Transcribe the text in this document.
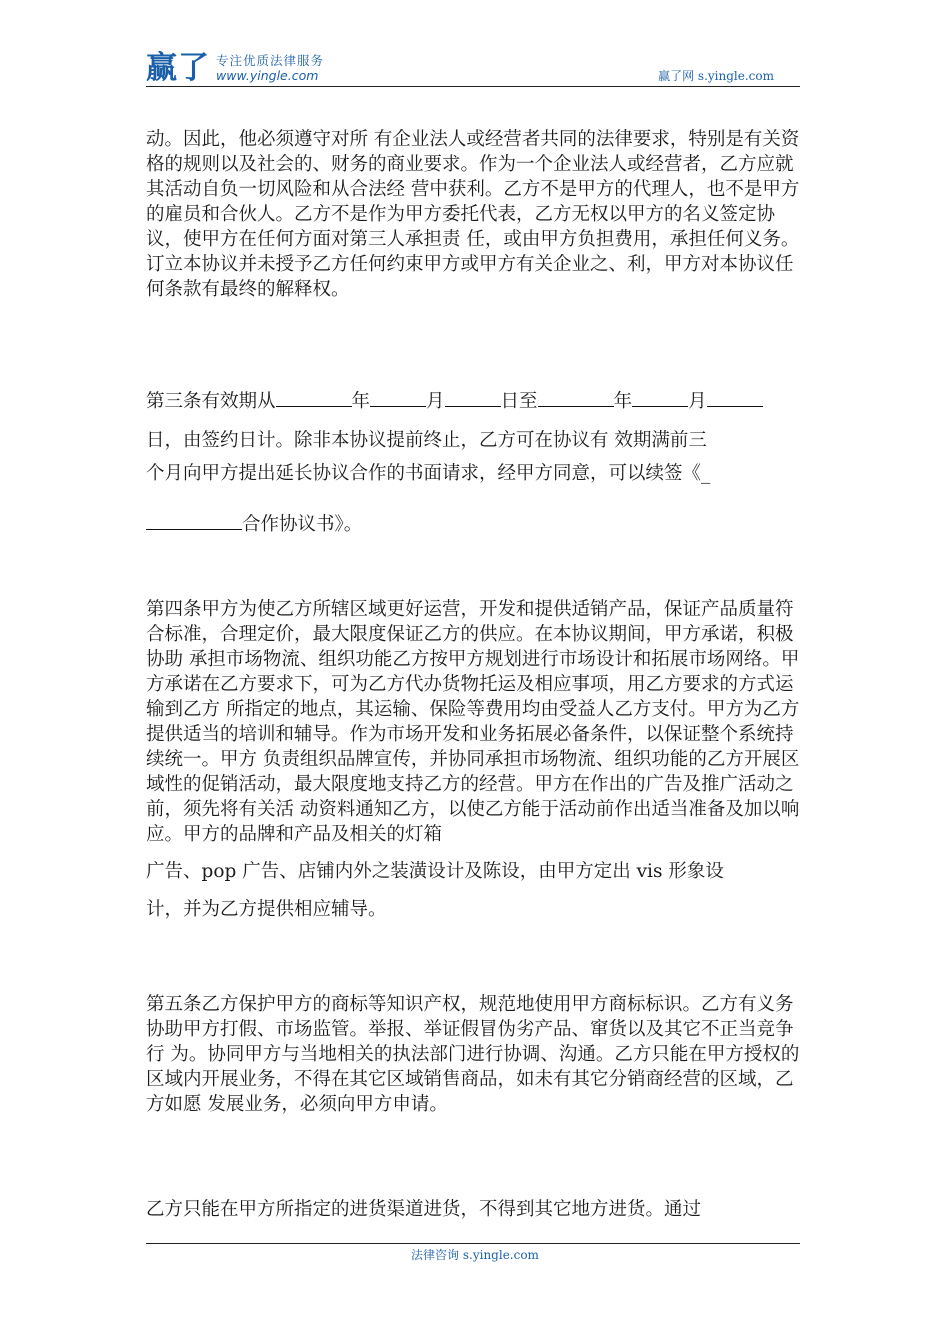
赢了 专注优质法律服务
www.yingle.com	赢了网 s.yingle.com
动。因此，他必须遵守对所 有企业法人或经营者共同的法律要求，特别是有关资格的规则以及社会的、财务的商业要求。作为一个企业法人或经营者，乙方应就其活动自负一切风险和从合法经 营中获利。乙方不是甲方的代理人，也不是甲方的雇员和合伙人。乙方不是作为甲方委托代表，乙方无权以甲方的名义签定协议，使甲方在任何方面对第三人承担责 任，或由甲方负担费用，承担任何义务。订立本协议并未授予乙方任何约束甲方或甲方有关企业之、利，甲方对本协议任何条款有最终的解释权。
第三条有效期从	年	月	日至	年	月
日，由签约日计。除非本协议提前终止，乙方可在协议有 效期满前三
个月向甲方提出延长协议合作的书面请求，经甲方同意，可以续签《_
合作协议书》。
第四条甲方为使乙方所辖区域更好运营，开发和提供适销产品，保证产品质量符合标准，合理定价，最大限度保证乙方的供应。在本协议期间，甲方承诺，积极协助 承担市场物流、组织功能乙方按甲方规划进行市场设计和拓展市场网络。甲方承诺在乙方要求下，可为乙方代办货物托运及相应事项，用乙方要求的方式运输到乙方 所指定的地点，其运输、保险等费用均由受益人乙方支付。甲方为乙方提供适当的培训和辅导。作为市场开发和业务拓展必备条件，以保证整个系统持续统一。甲方 负责组织品牌宣传，并协同承担市场物流、组织功能的乙方开展区域性的促销活动，最大限度地支持乙方的经营。甲方在作出的广告及推广活动之前，须先将有关活 动资料通知乙方，以使乙方能于活动前作出适当准备及加以响应。甲方的品牌和产品及相关的灯箱
广告、pop 广告、店铺内外之装潢设计及陈设，由甲方定出 vis 形象设
计，并为乙方提供相应辅导。
第五条乙方保护甲方的商标等知识产权，规范地使用甲方商标标识。乙方有义务协助甲方打假、市场监管。举报、举证假冒伪劣产品、窜货以及其它不正当竞争行 为。协同甲方与当地相关的执法部门进行协调、沟通。乙方只能在甲方授权的区域内开展业务，不得在其它区域销售商品，如未有其它分销商经营的区域，乙方如愿 发展业务，必须向甲方申请。
乙方只能在甲方所指定的进货渠道进货，不得到其它地方进货。通过
法律咨询 s.yingle.com
